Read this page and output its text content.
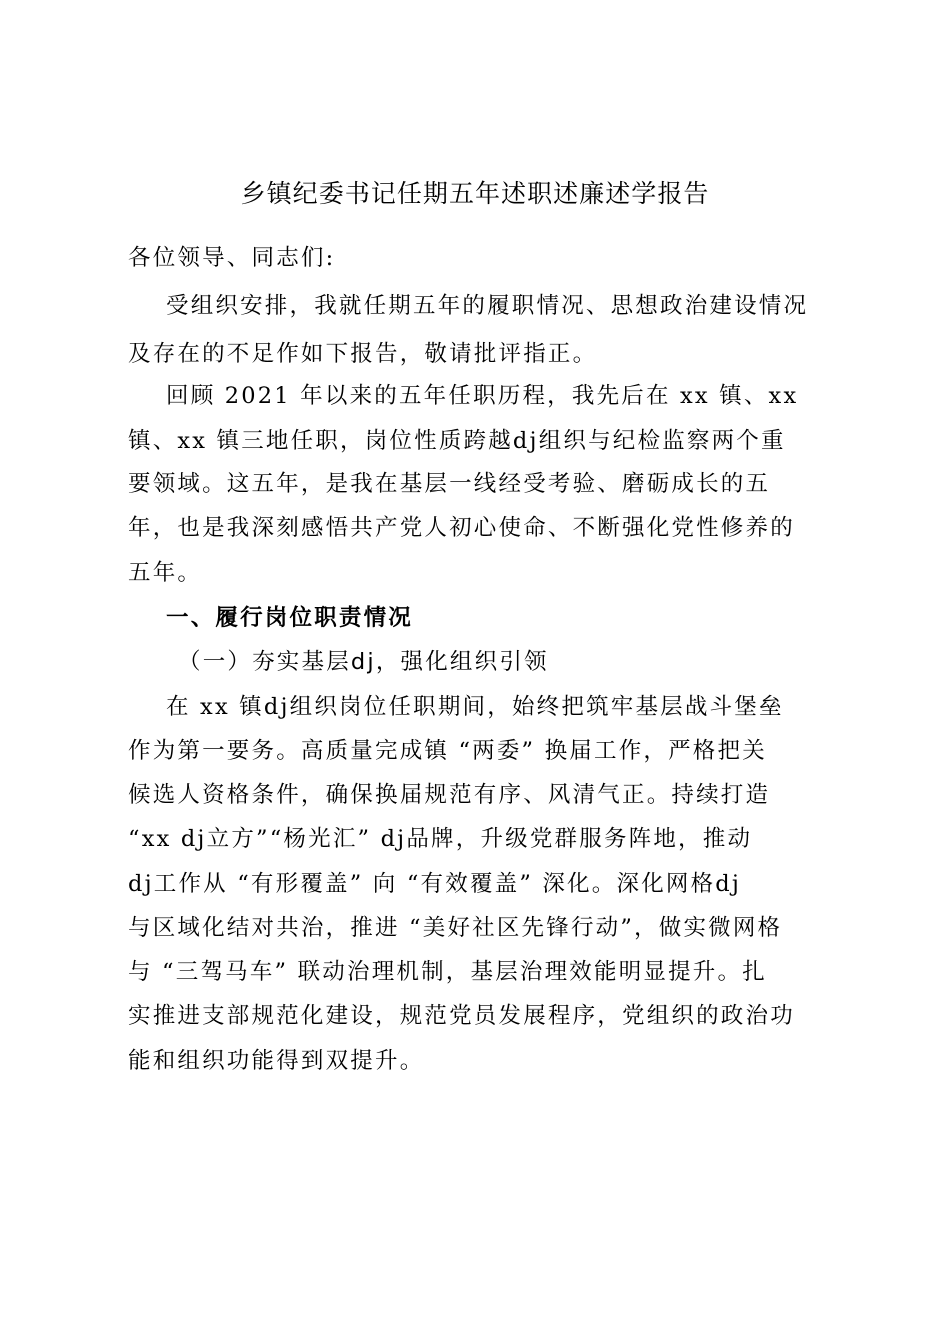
乡镇纪委书记任期五年述职述廉述学报告
各位领导、同志们:
受组织安排，我就任期五年的履职情况、思想政治建设情况
及存在的不足作如下报告，敬请批评指正。
回顾 2021 年以来的五年任职历程，我先后在 xx 镇、xx
镇、xx 镇三地任职，岗位性质跨越dj组织与纪检监察两个重
要领域。这五年，是我在基层一线经受考验、磨砺成长的五
年，也是我深刻感悟共产党人初心使命、不断强化党性修养的
五年。
一、履行岗位职责情况
（一）夯实基层dj，强化组织引领
在 xx 镇dj组织岗位任职期间，始终把筑牢基层战斗堡垒
作为第一要务。高质量完成镇 “两委” 换届工作，严格把关
候选人资格条件，确保换届规范有序、风清气正。持续打造
“xx dj立方”“杨光汇” dj品牌，升级党群服务阵地，推动
dj工作从 “有形覆盖” 向 “有效覆盖” 深化。深化网格dj
与区域化结对共治，推进 “美好社区先锋行动”，做实微网格
与 “三驾马车” 联动治理机制，基层治理效能明显提升。扎
实推进支部规范化建设，规范党员发展程序，党组织的政治功
能和组织功能得到双提升。
